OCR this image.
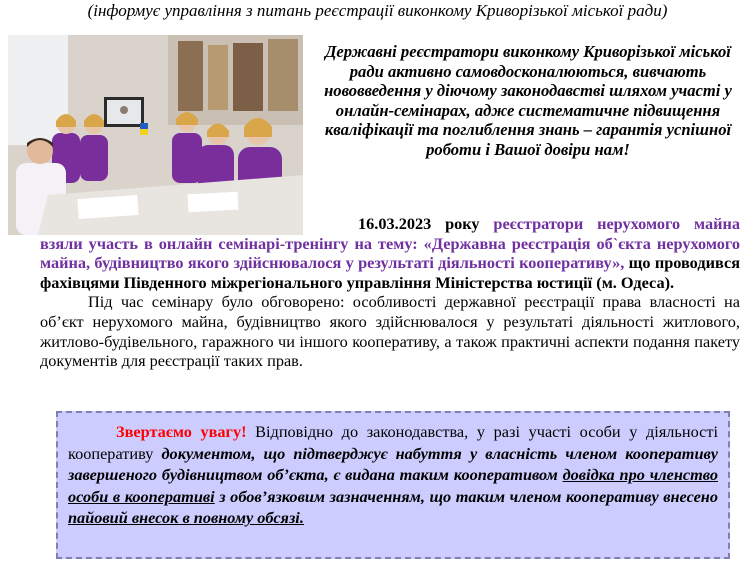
(інформує управління з питань реєстрації виконкому Криворізької міської ради)
Державні реєстратори виконкому Криворізької міської ради активно самовдосконалюються, вивчають нововведення у діючому законодавстві шляхом участі у онлайн-семінарах, адже систематичне підвищення кваліфікації та поглиблення знань – гарантія успішної роботи і Вашої довіри нам!

16.03.2023 року реєстратори нерухомого майна взяли участь в онлайн семінарі-тренінгу на тему: «Державна реєстрація об`єкта нерухомого майна, будівництво якого здійснювалося у результаті діяльності кооперативу», що проводився фахівцями Південного міжрегіонального управління Міністерства юстиції (м. Одеса).

Під час семінару було обговорено: особливості державної реєстрації права власності на об’єкт нерухомого майна, будівництво якого здійснювалося у результаті діяльності житлового, житлово-будівельного, гаражного чи іншого кооперативу, а також практичні аспекти подання пакету документів для реєстрації таких прав.

Звертаємо увагу! Відповідно до законодавства, у разі участі особи у діяльності кооперативу документом, що підтверджує набуття у власність членом кооперативу завершеного будівництвом об’єкта, є видана таким кооперативом довідка про членство особи в кооперативі з обов’язковим зазначенням, що таким членом кооперативу внесено пайовий внесок в повному обсязі.
